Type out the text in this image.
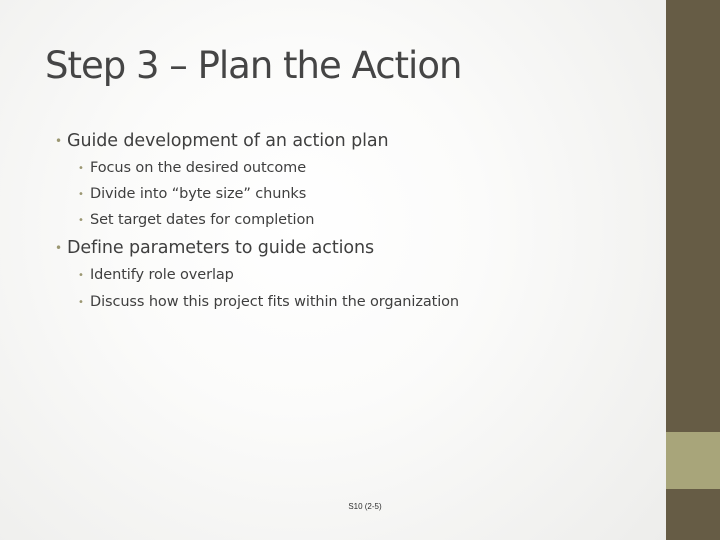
Step 3 – Plan the Action
• Guide development of an action plan
• Focus on the desired outcome
• Divide into “byte size” chunks
• Set target dates for completion
• Define parameters to guide actions
• Identify role overlap
• Discuss how this project fits within the organization
S10 (2-5)
